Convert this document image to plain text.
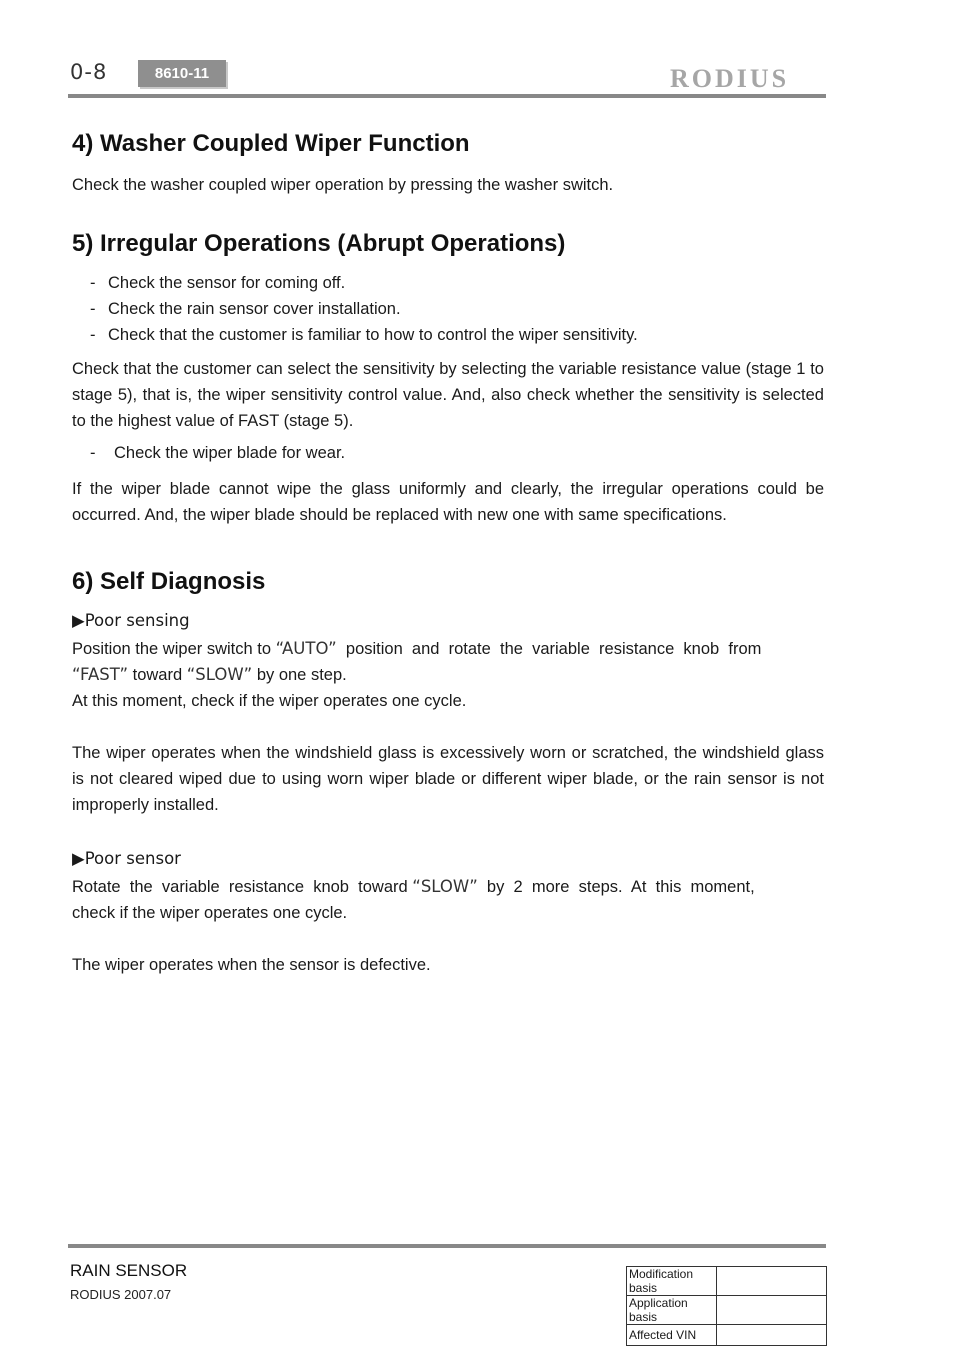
0-8	8610-11	RODIUS
4) Washer Coupled Wiper Function

Check the washer coupled wiper operation by pressing the washer switch.

5) Irregular Operations (Abrupt Operations)
- Check the sensor for coming off.
- Check the rain sensor cover installation.
- Check that the customer is familiar to how to control the wiper sensitivity.

Check that the customer can select the sensitivity by selecting the variable resistance value (stage 1 to stage 5), that is, the wiper sensitivity control value. And, also check whether the sensitivity is selected to the highest value of FAST (stage 5).

- Check the wiper blade for wear.

If the wiper blade cannot wipe the glass uniformly and clearly, the irregular operations could be occurred. And, the wiper blade should be replaced with new one with same specifications.

6) Self Diagnosis
▶Poor sensing

Position the wiper switch to “AUTO”  position  and  rotate  the  variable  resistance  knob  from

“FAST” toward “SLOW” by one step.

At this moment, check if the wiper operates one cycle.

The wiper operates when the windshield glass is excessively worn or scratched, the windshield glass is not cleared wiped due to using worn wiper blade or different wiper blade, or the rain sensor is not improperly installed.

▶Poor sensor

Rotate  the  variable  resistance  knob  toward “SLOW”  by  2  more  steps.  At  this  moment,

check if the wiper operates one cycle.

The wiper operates when the sensor is defective.

RAIN SENSOR
RODIUS 2007.07
Modification basis	
Application basis	
Affected VIN	
